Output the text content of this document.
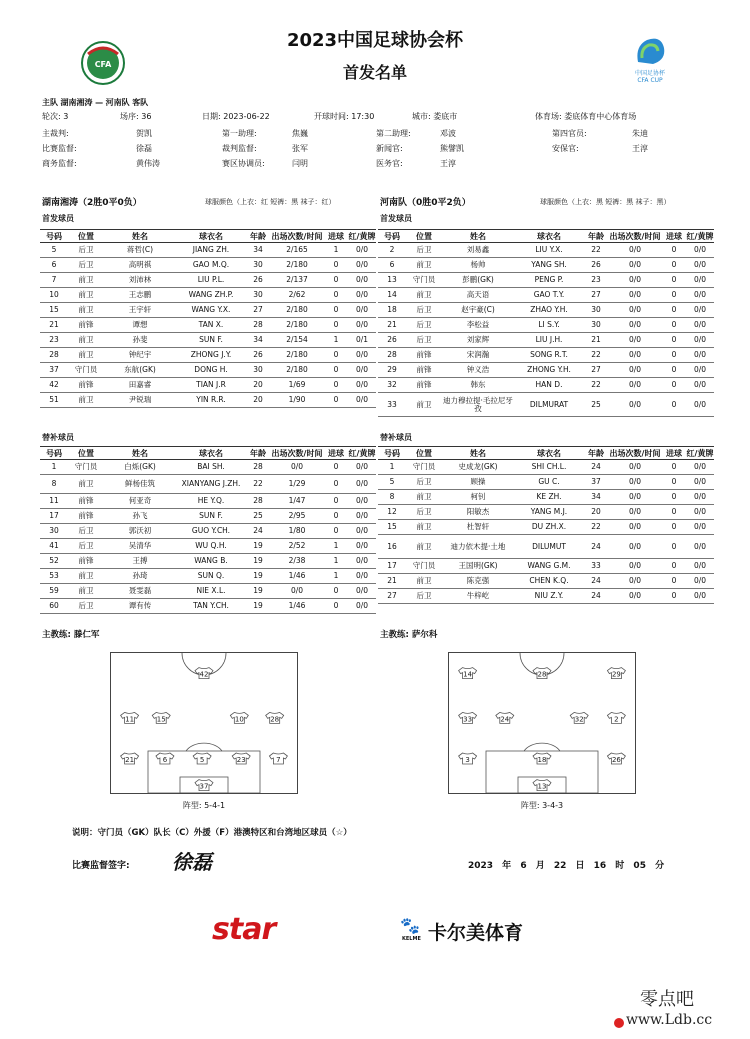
CFA
2023中国足球协会杯
首发名单	中国足协杯
CFA CUP
主队 湖南湘涛 — 河南队 客队
轮次: 3	场序: 36	日期: 2023-06-22	开球时间: 17:30	城市: 娄底市	体育场: 娄底体育中心体育场
主裁判:	贺凯	第一助理:	焦巍	第二助理:	邓波	第四官员:	朱迪
比赛监督:	徐磊	裁判监督:	张军	新闻官:	熊譬凯	安保官:	王淳
商务监督:	黄伟涛	赛区协调员:	闫明	医务官:	王淳
湖南湘涛（2胜0平0负）	球服颜色（上衣：红 短裤：黑 袜子：红）	河南队（0胜0平2负）	球服颜色（上衣：黑 短裤：黑 袜子：黑）
首发球员	首发球员
号码	位置	姓名	球衣名	年龄	出场次数/时间	进球	红/黄牌
5	后卫	蒋哲(C)	JIANG ZH.	34	2/165	1	0/0
6	后卫	高明祺	GAO M.Q.	30	2/180	0	0/0
7	前卫	刘沛林	LIU P.L.	26	2/137	0	0/0
10	前卫	王志鹏	WANG ZH.P.	30	2/62	0	0/0
15	前卫	王宇轩	WANG Y.X.	27	2/180	0	0/0
21	前锋	谭想	TAN X.	28	2/180	0	0/0
23	前卫	孙斐	SUN F.	34	2/154	1	0/1
28	前卫	钟纪宇	ZHONG J.Y.	26	2/180	0	0/0
37	守门员	东航(GK)	DONG H.	30	2/180	0	0/0
42	前锋	田嘉睿	TIAN J.R	20	1/69	0	0/0
51	前卫	尹锐瑞	YIN R.R.	20	1/90	0	0/0
号码	位置	姓名	球衣名	年龄	出场次数/时间	进球	红/黄牌
2	后卫	刘易鑫	LIU Y.X.	22	0/0	0	0/0
6	前卫	杨帅	YANG SH.	26	0/0	0	0/0
13	守门员	彭鹏(GK)	PENG P.	23	0/0	0	0/0
14	前卫	高天语	GAO T.Y.	27	0/0	0	0/0
18	后卫	赵宇豪(C)	ZHAO Y.H.	30	0/0	0	0/0
21	后卫	李松益	LI S.Y.	30	0/0	0	0/0
26	后卫	刘家辉	LIU J.H.	21	0/0	0	0/0
28	前锋	宋润瀚	SONG R.T.	22	0/0	0	0/0
29	前锋	钟义浩	ZHONG Y.H.	27	0/0	0	0/0
32	前锋	韩东	HAN D.	22	0/0	0	0/0
33	前卫	迪力穆拉提·毛拉尼牙孜	DILMURAT	25	0/0	0	0/0
替补球员	替补球员
号码	位置	姓名	球衣名	年龄	出场次数/时间	进球	红/黄牌
1	守门员	白烁(GK)	BAI SH.	28	0/0	0	0/0
8	前卫	鲜杨佳筑	XIANYANG J.ZH.	22	1/29	0	0/0
11	前锋	何亚奇	HE Y.Q.	28	1/47	0	0/0
17	前锋	孙飞	SUN F.	25	2/95	0	0/0
30	后卫	郭沃初	GUO Y.CH.	24	1/80	0	0/0
41	后卫	吴清华	WU Q.H.	19	2/52	1	0/0
52	前锋	王搏	WANG B.	19	2/38	1	0/0
53	前卫	孙琦	SUN Q.	19	1/46	1	0/0
59	前卫	聂雯磊	NIE X.L.	19	0/0	0	0/0
60	后卫	谭有传	TAN Y.CH.	19	1/46	0	0/0
号码	位置	姓名	球衣名	年龄	出场次数/时间	进球	红/黄牌
1	守门员	史成龙(GK)	SHI CH.L.	24	0/0	0	0/0
5	后卫	顾操	GU C.	37	0/0	0	0/0
8	前卫	柯钊	KE ZH.	34	0/0	0	0/0
12	后卫	阳敏杰	YANG M.J.	20	0/0	0	0/0
15	前卫	杜智轩	DU ZH.X.	22	0/0	0	0/0
16	前卫	迪力依木提·土地	DILUMUT	24	0/0	0	0/0
17	守门员	王国明(GK)	WANG G.M.	33	0/0	0	0/0
21	前卫	陈克强	CHEN K.Q.	24	0/0	0	0/0
27	后卫	牛梓屹	NIU Z.Y.	24	0/0	0	0/0
主教练: 滕仁军	主教练: 萨尔科
42
11	15	10	28
21	6	5	23	7
37
阵型: 5-4-1
14	28	29
33	24	32	2
3	18	26
13
阵型: 3-4-3
说明：守门员（GK）队长（C）外援（F）港澳特区和台湾地区球员（☆）
比赛监督签字: 徐磊	2023 年 6 月 22 日 16 时 05 分
star	🐾
KELME 卡尔美体育
零点吧
www.Ldb.cc
